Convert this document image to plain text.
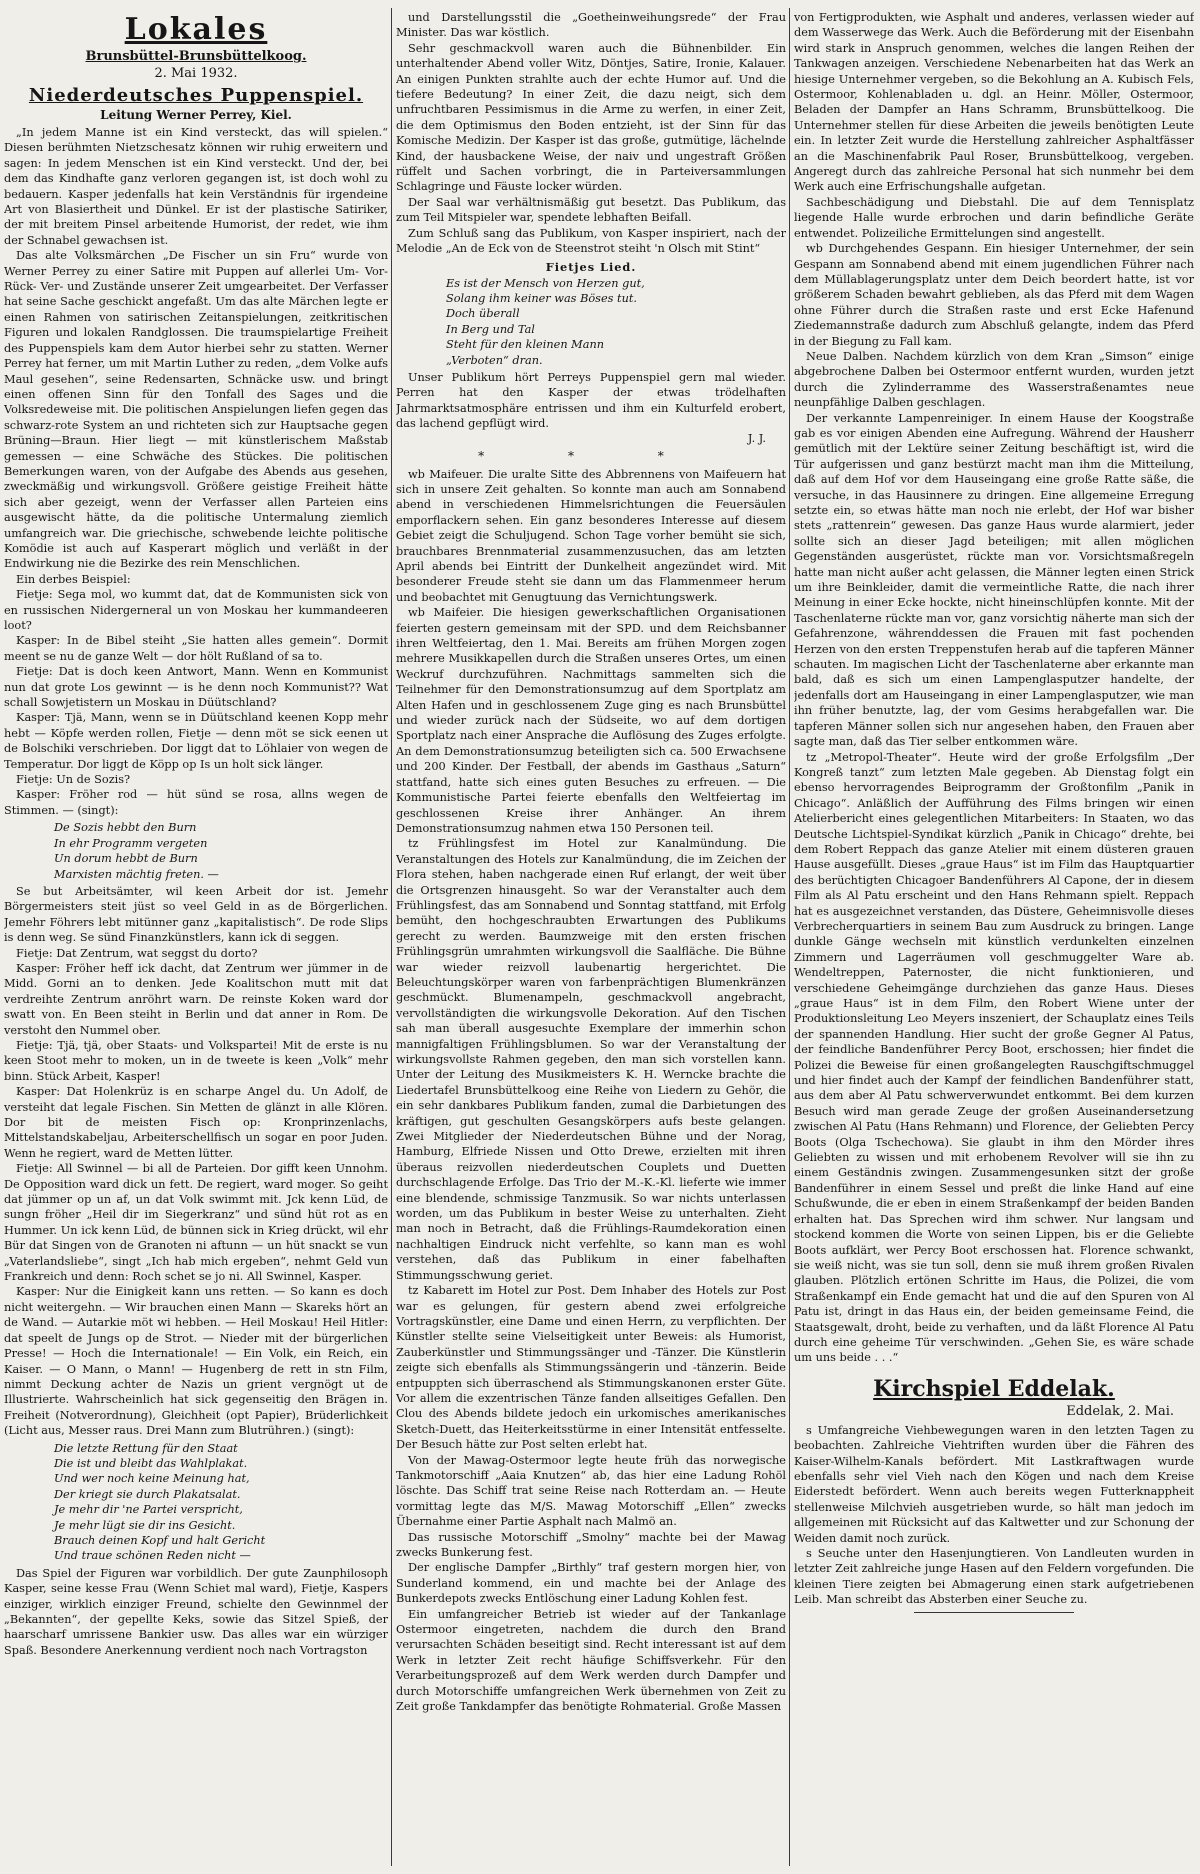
Lokales
Brunsbüttel-Brunsbüttelkoog.
2. Mai 1932.
Niederdeutsches Puppenspiel.
Leitung Werner Perrey, Kiel.

„In jedem Manne ist ein Kind versteckt, das will spielen.“ Diesen berühmten Nietzschesatz können wir ruhig erweitern und sagen: In jedem Menschen ist ein Kind versteckt. Und der, bei dem das Kindhafte ganz verloren gegangen ist, ist doch wohl zu bedauern. Kasper jedenfalls hat kein Verständnis für irgendeine Art von Blasiertheit und Dünkel. Er ist der plastische Satiriker, der mit breitem Pinsel arbeitende Humorist, der redet, wie ihm der Schnabel gewachsen ist.

Das alte Volksmärchen „De Fischer un sin Fru“ wurde von Werner Perrey zu einer Satire mit Puppen auf allerlei Um- Vor- Rück- Ver- und Zustände unserer Zeit umgearbeitet. Der Verfasser hat seine Sache geschickt angefaßt. Um das alte Märchen legte er einen Rahmen von satirischen Zeitanspielungen, zeitkritischen Figuren und lokalen Randglossen. Die traumspielartige Freiheit des Puppenspiels kam dem Autor hierbei sehr zu statten. Werner Perrey hat ferner, um mit Martin Luther zu reden, „dem Volke aufs Maul gesehen“, seine Redensarten, Schnäcke usw. und bringt einen offenen Sinn für den Tonfall des Sages und die Volksredeweise mit. Die politischen Anspielungen liefen gegen das schwarz-rote System an und richteten sich zur Hauptsache gegen Brüning—Braun. Hier liegt — mit künstlerischem Maßstab gemessen — eine Schwäche des Stückes. Die politischen Bemerkungen waren, von der Aufgabe des Abends aus gesehen, zweckmäßig und wirkungsvoll. Größere geistige Freiheit hätte sich aber gezeigt, wenn der Verfasser allen Parteien eins ausgewischt hätte, da die politische Untermalung ziemlich umfangreich war. Die griechische, schwebende leichte politische Komödie ist auch auf Kasperart möglich und verläßt in der Endwirkung nie die Bezirke des rein Menschlichen.

Ein derbes Beispiel:

Fietje: Sega mol, wo kummt dat, dat de Kommunisten sick von en russischen Nidergerneral un von Moskau her kummandeeren loot?

Kasper: In de Bibel steiht „Sie hatten alles gemein“. Dormit meent se nu de ganze Welt — dor hölt Rußland of sa to.

Fietje: Dat is doch keen Antwort, Mann. Wenn en Kommunist nun dat grote Los gewinnt — is he denn noch Kommunist?? Wat schall Sowjetistern un Moskau in Düütschland?

Kasper: Tjä, Mann, wenn se in Düütschland keenen Kopp mehr hebt — Köpfe werden rollen, Fietje — denn möt se sick eenen ut de Bolschiki verschrieben. Dor liggt dat to Löhlaier von wegen de Temperatur. Dor liggt de Köpp op Is un holt sick länger.

Fietje: Un de Sozis?

Kasper: Fröher rod — hüt sünd se rosa, allns wegen de Stimmen. — (singt):

De Sozis hebbt den Burn
In ehr Programm vergeten
Un dorum hebbt de Burn
Marxisten mächtig freten. —

Se but Arbeitsämter, wil keen Arbeit dor ist. Jemehr Börgermeisters steit jüst so veel Geld in as de Börgerlichen. Jemehr Föhrers lebt mitünner ganz „kapitalistisch“. De rode Slips is denn weg. Se sünd Finanzkünstlers, kann ick di seggen.

Fietje: Dat Zentrum, wat seggst du dorto?

Kasper: Fröher heff ick dacht, dat Zentrum wer jümmer in de Midd. Gorni an to denken. Jede Koalitschon mutt mit dat verdreihte Zentrum anröhrt warn. De reinste Koken ward dor swatt von. En Been steiht in Berlin und dat anner in Rom. De verstoht den Nummel ober.

Fietje: Tjä, tjä, ober Staats- und Volkspartei! Mit de erste is nu keen Stoot mehr to moken, un in de tweete is keen „Volk“ mehr binn. Stück Arbeit, Kasper!

Kasper: Dat Holenkrüz is en scharpe Angel du. Un Adolf, de versteiht dat legale Fischen. Sin Metten de glänzt in alle Klören. Dor bit de meisten Fisch op: Kronprinzenlachs, Mittelstandskabeljau, Arbeiterschellfisch un sogar en poor Juden. Wenn he regiert, ward de Metten lütter.

Fietje: All Swinnel — bi all de Parteien. Dor gifft keen Unnohm. De Opposition ward dick un fett. De regiert, ward moger. So geiht dat jümmer op un af, un dat Volk swimmt mit. Jck kenn Lüd, de sungn fröher „Heil dir im Siegerkranz“ und sünd hüt rot as en Hummer. Un ick kenn Lüd, de bünnen sick in Krieg drückt, wil ehr Bür dat Singen von de Granoten ni aftunn — un hüt snackt se vun „Vaterlandsliebe“, singt „Ich hab mich ergeben“, nehmt Geld vun Frankreich und denn: Roch schet se jo ni. All Swinnel, Kasper.

Kasper: Nur die Einigkeit kann uns retten. — So kann es doch nicht weitergehn. — Wir brauchen einen Mann — Skareks hört an de Wand. — Autarkie möt wi hebben. — Heil Moskau! Heil Hitler: dat speelt de Jungs op de Strot. — Nieder mit der bürgerlichen Presse! — Hoch die Internationale! — Ein Volk, ein Reich, ein Kaiser. — O Mann, o Mann! — Hugenberg de rett in stn Film, nimmt Deckung achter de Nazis un grient vergnögt ut de Illustrierte. Wahrscheinlich hat sick gegenseitig den Brägen in. Freiheit (Notverordnung), Gleichheit (opt Papier), Brüderlichkeit (Licht aus, Messer raus. Drei Mann zum Blutrühren.) (singt):

Die letzte Rettung für den Staat
Die ist und bleibt das Wahlplakat.
Und wer noch keine Meinung hat,
Der kriegt sie durch Plakatsalat.
Je mehr dir 'ne Partei verspricht,
Je mehr lügt sie dir ins Gesicht.
Brauch deinen Kopf und halt Gericht
Und traue schönen Reden nicht —

Das Spiel der Figuren war vorbildlich. Der gute Zaunphilosoph Kasper, seine kesse Frau (Wenn Schiet mal ward), Fietje, Kaspers einziger, wirklich einziger Freund, schielte den Gewinnmel der „Bekannten“, der gepellte Keks, sowie das Sitzel Spieß, der haarscharf umrissene Bankier usw. Das alles war ein würziger Spaß. Besondere Anerkennung verdient noch nach Vortragston

und Darstellungsstil die „Goetheinweihungsrede“ der Frau Minister. Das war köstlich.

Sehr geschmackvoll waren auch die Bühnenbilder. Ein unterhaltender Abend voller Witz, Döntjes, Satire, Ironie, Kalauer. An einigen Punkten strahlte auch der echte Humor auf. Und die tiefere Bedeutung? In einer Zeit, die dazu neigt, sich dem unfruchtbaren Pessimismus in die Arme zu werfen, in einer Zeit, die dem Optimismus den Boden entzieht, ist der Sinn für das Komische Medizin. Der Kasper ist das große, gutmütige, lächelnde Kind, der hausbackene Weise, der naiv und ungestraft Größen rüffelt und Sachen vorbringt, die in Parteiversammlungen Schlagringe und Fäuste locker würden.

Der Saal war verhältnismäßig gut besetzt. Das Publikum, das zum Teil Mitspieler war, spendete lebhaften Beifall.

Zum Schluß sang das Publikum, von Kasper inspiriert, nach der Melodie „An de Eck von de Steenstrot steiht 'n Olsch mit Stint“

Fietjes Lied.
Es ist der Mensch von Herzen gut,
Solang ihm keiner was Böses tut.
Doch überall
In Berg und Tal
Steht für den kleinen Mann
„Verboten“ dran.

Unser Publikum hört Perreys Puppenspiel gern mal wieder. Perren hat den Kasper der etwas trödelhaften Jahrmarktsatmosphäre entrissen und ihm ein Kulturfeld erobert, das lachend gepflügt wird.

J. J.
* * *

wb Maifeuer. Die uralte Sitte des Abbrennens von Maifeuern hat sich in unsere Zeit gehalten. So konnte man auch am Sonnabend abend in verschiedenen Himmelsrichtungen die Feuersäulen emporflackern sehen. Ein ganz besonderes Interesse auf diesem Gebiet zeigt die Schuljugend. Schon Tage vorher bemüht sie sich, brauchbares Brennmaterial zusammenzusuchen, das am letzten April abends bei Eintritt der Dunkelheit angezündet wird. Mit besonderer Freude steht sie dann um das Flammenmeer herum und beobachtet mit Genugtuung das Vernichtungswerk.

wb Maifeier. Die hiesigen gewerkschaftlichen Organisationen feierten gestern gemeinsam mit der SPD. und dem Reichsbanner ihren Weltfeiertag, den 1. Mai. Bereits am frühen Morgen zogen mehrere Musikkapellen durch die Straßen unseres Ortes, um einen Weckruf durchzuführen. Nachmittags sammelten sich die Teilnehmer für den Demonstrationsumzug auf dem Sportplatz am Alten Hafen und in geschlossenem Zuge ging es nach Brunsbüttel und wieder zurück nach der Südseite, wo auf dem dortigen Sportplatz nach einer Ansprache die Auflösung des Zuges erfolgte. An dem Demonstrationsumzug beteiligten sich ca. 500 Erwachsene und 200 Kinder. Der Festball, der abends im Gasthaus „Saturn“ stattfand, hatte sich eines guten Besuches zu erfreuen. — Die Kommunistische Partei feierte ebenfalls den Weltfeiertag im geschlossenen Kreise ihrer Anhänger. An ihrem Demonstrationsumzug nahmen etwa 150 Personen teil.

tz Frühlingsfest im Hotel zur Kanalmündung. Die Veranstaltungen des Hotels zur Kanalmündung, die im Zeichen der Flora stehen, haben nachgerade einen Ruf erlangt, der weit über die Ortsgrenzen hinausgeht. So war der Veranstalter auch dem Frühlingsfest, das am Sonnabend und Sonntag stattfand, mit Erfolg bemüht, den hochgeschraubten Erwartungen des Publikums gerecht zu werden. Baumzweige mit den ersten frischen Frühlingsgrün umrahmten wirkungsvoll die Saalfläche. Die Bühne war wieder reizvoll laubenartig hergerichtet. Die Beleuchtungskörper waren von farbenprächtigen Blumenkränzen geschmückt. Blumenampeln, geschmackvoll angebracht, vervollständigten die wirkungsvolle Dekoration. Auf den Tischen sah man überall ausgesuchte Exemplare der immerhin schon mannigfaltigen Frühlingsblumen. So war der Veranstaltung der wirkungsvollste Rahmen gegeben, den man sich vorstellen kann. Unter der Leitung des Musikmeisters K. H. Werncke brachte die Liedertafel Brunsbüttelkoog eine Reihe von Liedern zu Gehör, die ein sehr dankbares Publikum fanden, zumal die Darbietungen des kräftigen, gut geschulten Gesangskörpers aufs beste gelangen. Zwei Mitglieder der Niederdeutschen Bühne und der Norag, Hamburg, Elfriede Nissen und Otto Drewe, erzielten mit ihren überaus reizvollen niederdeutschen Couplets und Duetten durchschlagende Erfolge. Das Trio der M.-K.-Kl. lieferte wie immer eine blendende, schmissige Tanzmusik. So war nichts unterlassen worden, um das Publikum in bester Weise zu unterhalten. Zieht man noch in Betracht, daß die Frühlings-Raumdekoration einen nachhaltigen Eindruck nicht verfehlte, so kann man es wohl verstehen, daß das Publikum in einer fabelhaften Stimmungsschwung geriet.

tz Kabarett im Hotel zur Post. Dem Inhaber des Hotels zur Post war es gelungen, für gestern abend zwei erfolgreiche Vortragskünstler, eine Dame und einen Herrn, zu verpflichten. Der Künstler stellte seine Vielseitigkeit unter Beweis: als Humorist, Zauberkünstler und Stimmungssänger und -Tänzer. Die Künstlerin zeigte sich ebenfalls als Stimmungssängerin und -tänzerin. Beide entpuppten sich überraschend als Stimmungskanonen erster Güte. Vor allem die exzentrischen Tänze fanden allseitiges Gefallen. Den Clou des Abends bildete jedoch ein urkomisches amerikanisches Sketch-Duett, das Heiterkeitsstürme in einer Intensität entfesselte. Der Besuch hätte zur Post selten erlebt hat.

Von der Mawag-Ostermoor legte heute früh das norwegische Tankmotorschiff „Aaia Knutzen“ ab, das hier eine Ladung Rohöl löschte. Das Schiff trat seine Reise nach Rotterdam an. — Heute vormittag legte das M/S. Mawag Motorschiff „Ellen“ zwecks Übernahme einer Partie Asphalt nach Malmö an.

Das russische Motorschiff „Smolny“ machte bei der Mawag zwecks Bunkerung fest.

Der englische Dampfer „Birthly“ traf gestern morgen hier, von Sunderland kommend, ein und machte bei der Anlage des Bunkerdepots zwecks Entlöschung einer Ladung Kohlen fest.

Ein umfangreicher Betrieb ist wieder auf der Tankanlage Ostermoor eingetreten, nachdem die durch den Brand verursachten Schäden beseitigt sind. Recht interessant ist auf dem Werk in letzter Zeit recht häufige Schiffsverkehr. Für den Verarbeitungsprozeß auf dem Werk werden durch Dampfer und durch Motorschiffe umfangreichen Werk übernehmen von Zeit zu Zeit große Tankdampfer das benötigte Rohmaterial. Große Massen

von Fertigprodukten, wie Asphalt und anderes, verlassen wieder auf dem Wasserwege das Werk. Auch die Beförderung mit der Eisenbahn wird stark in Anspruch genommen, welches die langen Reihen der Tankwagen anzeigen. Verschiedene Nebenarbeiten hat das Werk an hiesige Unternehmer vergeben, so die Bekohlung an A. Kubisch Fels, Ostermoor, Kohlenabladen u. dgl. an Heinr. Möller, Ostermoor, Beladen der Dampfer an Hans Schramm, Brunsbüttelkoog. Die Unternehmer stellen für diese Arbeiten die jeweils benötigten Leute ein. In letzter Zeit wurde die Herstellung zahlreicher Asphaltfässer an die Maschinenfabrik Paul Roser, Brunsbüttelkoog, vergeben. Angeregt durch das zahlreiche Personal hat sich nunmehr bei dem Werk auch eine Erfrischungshalle aufgetan.

Sachbeschädigung und Diebstahl. Die auf dem Tennisplatz liegende Halle wurde erbrochen und darin befindliche Geräte entwendet. Polizeiliche Ermittelungen sind angestellt.

wb Durchgehendes Gespann. Ein hiesiger Unternehmer, der sein Gespann am Sonnabend abend mit einem jugendlichen Führer nach dem Müllablagerungsplatz unter dem Deich beordert hatte, ist vor größerem Schaden bewahrt geblieben, als das Pferd mit dem Wagen ohne Führer durch die Straßen raste und erst Ecke Hafenund Ziedemannstraße dadurch zum Abschluß gelangte, indem das Pferd in der Biegung zu Fall kam.

Neue Dalben. Nachdem kürzlich von dem Kran „Simson“ einige abgebrochene Dalben bei Ostermoor entfernt wurden, wurden jetzt durch die Zylinderramme des Wasserstraßenamtes neue neunpfählige Dalben geschlagen.

Der verkannte Lampenreiniger. In einem Hause der Koogstraße gab es vor einigen Abenden eine Aufregung. Während der Hausherr gemütlich mit der Lektüre seiner Zeitung beschäftigt ist, wird die Tür aufgerissen und ganz bestürzt macht man ihm die Mitteilung, daß auf dem Hof vor dem Hauseingang eine große Ratte säße, die versuche, in das Hausinnere zu dringen. Eine allgemeine Erregung setzte ein, so etwas hätte man noch nie erlebt, der Hof war bisher stets „rattenrein“ gewesen. Das ganze Haus wurde alarmiert, jeder sollte sich an dieser Jagd beteiligen; mit allen möglichen Gegenständen ausgerüstet, rückte man vor. Vorsichtsmaßregeln hatte man nicht außer acht gelassen, die Männer legten einen Strick um ihre Beinkleider, damit die vermeintliche Ratte, die nach ihrer Meinung in einer Ecke hockte, nicht hineinschlüpfen konnte. Mit der Taschenlaterne rückte man vor, ganz vorsichtig näherte man sich der Gefahrenzone, währenddessen die Frauen mit fast pochenden Herzen von den ersten Treppenstufen herab auf die tapferen Männer schauten. Im magischen Licht der Taschenlaterne aber erkannte man bald, daß es sich um einen Lampenglasputzer handelte, der jedenfalls dort am Hauseingang in einer Lampenglasputzer, wie man ihn früher benutzte, lag, der vom Gesims herabgefallen war. Die tapferen Männer sollen sich nur angesehen haben, den Frauen aber sagte man, daß das Tier selber entkommen wäre.

tz „Metropol-Theater“. Heute wird der große Erfolgsfilm „Der Kongreß tanzt“ zum letzten Male gegeben. Ab Dienstag folgt ein ebenso hervorragendes Beiprogramm der Großtonfilm „Panik in Chicago“. Anläßlich der Aufführung des Films bringen wir einen Atelierbericht eines gelegentlichen Mitarbeiters: In Staaten, wo das Deutsche Lichtspiel-Syndikat kürzlich „Panik in Chicago“ drehte, bei dem Robert Reppach das ganze Atelier mit einem düsteren grauen Hause ausgefüllt. Dieses „graue Haus“ ist im Film das Hauptquartier des berüchtigten Chicagoer Bandenführers Al Capone, der in diesem Film als Al Patu erscheint und den Hans Rehmann spielt. Reppach hat es ausgezeichnet verstanden, das Düstere, Geheimnisvolle dieses Verbrecherquartiers in seinem Bau zum Ausdruck zu bringen. Lange dunkle Gänge wechseln mit künstlich verdunkelten einzelnen Zimmern und Lagerräumen voll geschmuggelter Ware ab. Wendeltreppen, Paternoster, die nicht funktionieren, und verschiedene Geheimgänge durchziehen das ganze Haus. Dieses „graue Haus“ ist in dem Film, den Robert Wiene unter der Produktionsleitung Leo Meyers inszeniert, der Schauplatz eines Teils der spannenden Handlung. Hier sucht der große Gegner Al Patus, der feindliche Bandenführer Percy Boot, erschossen; hier findet die Polizei die Beweise für einen großangelegten Rauschgiftschmuggel und hier findet auch der Kampf der feindlichen Bandenführer statt, aus dem aber Al Patu schwerverwundet entkommt. Bei dem kurzen Besuch wird man gerade Zeuge der großen Auseinandersetzung zwischen Al Patu (Hans Rehmann) und Florence, der Geliebten Percy Boots (Olga Tschechowa). Sie glaubt in ihm den Mörder ihres Geliebten zu wissen und mit erhobenem Revolver will sie ihn zu einem Geständnis zwingen. Zusammengesunken sitzt der große Bandenführer in einem Sessel und preßt die linke Hand auf eine Schußwunde, die er eben in einem Straßenkampf der beiden Banden erhalten hat. Das Sprechen wird ihm schwer. Nur langsam und stockend kommen die Worte von seinen Lippen, bis er die Geliebte Boots aufklärt, wer Percy Boot erschossen hat. Florence schwankt, sie weiß nicht, was sie tun soll, denn sie muß ihrem großen Rivalen glauben. Plötzlich ertönen Schritte im Haus, die Polizei, die vom Straßenkampf ein Ende gemacht hat und die auf den Spuren von Al Patu ist, dringt in das Haus ein, der beiden gemeinsame Feind, die Staatsgewalt, droht, beide zu verhaften, und da läßt Florence Al Patu durch eine geheime Tür verschwinden. „Gehen Sie, es wäre schade um uns beide . . .“

Kirchspiel Eddelak.
Eddelak, 2. Mai.

s Umfangreiche Viehbewegungen waren in den letzten Tagen zu beobachten. Zahlreiche Viehtriften wurden über die Fähren des Kaiser-Wilhelm-Kanals befördert. Mit Lastkraftwagen wurde ebenfalls sehr viel Vieh nach den Kögen und nach dem Kreise Eiderstedt befördert. Wenn auch bereits wegen Futterknappheit stellenweise Milchvieh ausgetrieben wurde, so hält man jedoch im allgemeinen mit Rücksicht auf das Kaltwetter und zur Schonung der Weiden damit noch zurück.

s Seuche unter den Hasenjungtieren. Von Landleuten wurden in letzter Zeit zahlreiche junge Hasen auf den Feldern vorgefunden. Die kleinen Tiere zeigten bei Abmagerung einen stark aufgetriebenen Leib. Man schreibt das Absterben einer Seuche zu.
